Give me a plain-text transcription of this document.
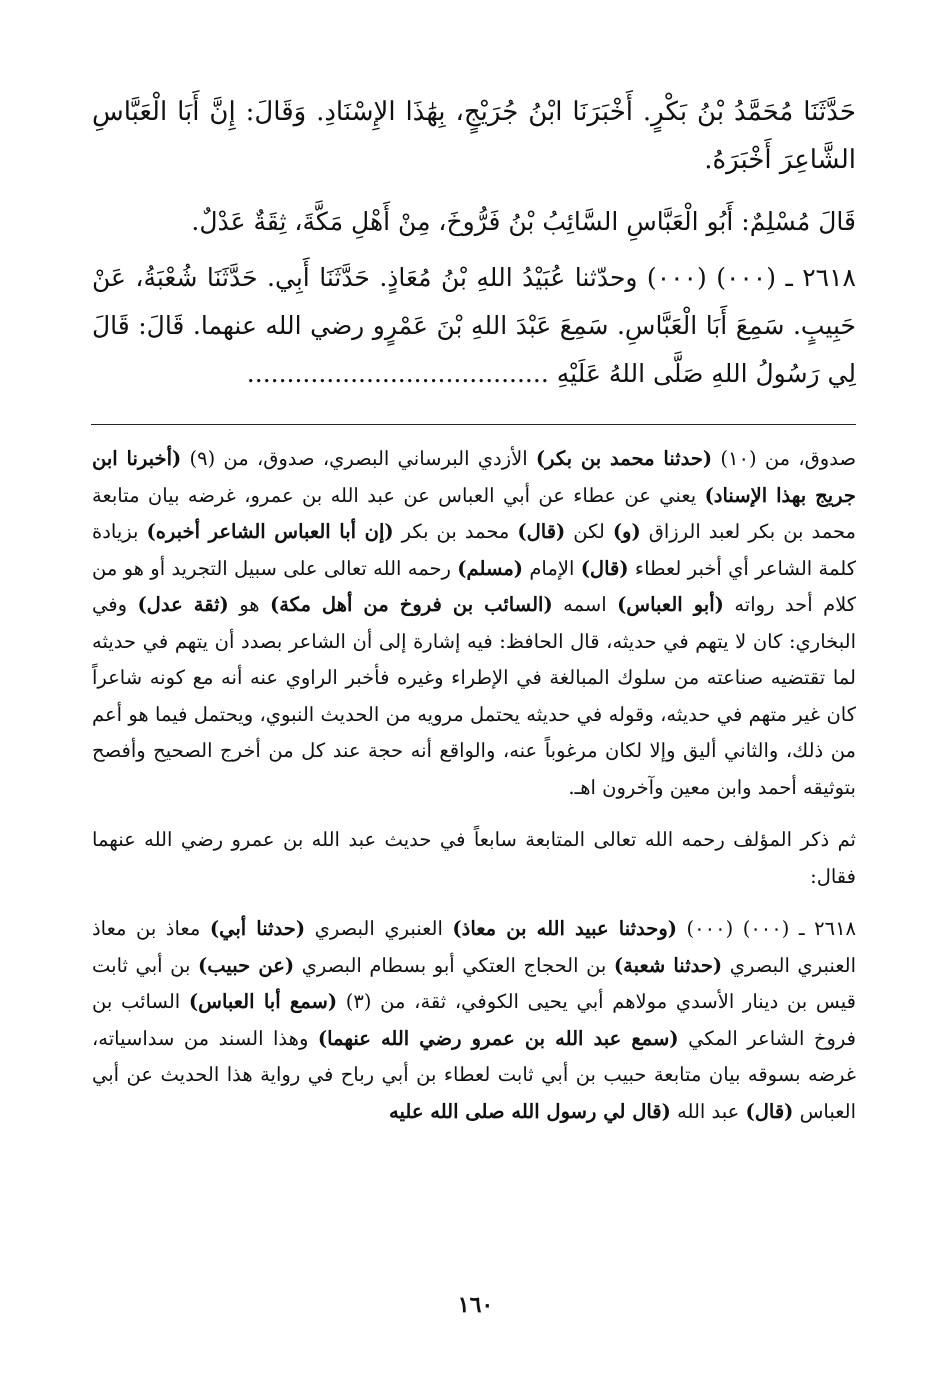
حَدَّثَنَا مُحَمَّدُ بْنُ بَكْرٍ. أَخْبَرَنَا ابْنُ جُرَيْجٍ، بِهَٰذَا الإِسْنَادِ. وَقَالَ: إِنَّ أَبَا الْعَبَّاسِ الشَّاعِرَ أَخْبَرَهُ.

قَالَ مُسْلِمٌ: أَبُو الْعَبَّاسِ السَّائِبُ بْنُ فَرُّوخَ، مِنْ أَهْلِ مَكَّةَ، ثِقَةٌ عَدْلٌ.

٢٦١٨ ـ (٠٠٠) (٠٠٠) وحدّثنا عُبَيْدُ اللهِ بْنُ مُعَاذٍ. حَدَّثَنَا أَبِي. حَدَّثَنَا شُعْبَةُ، عَنْ حَبِيبٍ. سَمِعَ أَبَا الْعَبَّاسِ. سَمِعَ عَبْدَ اللهِ بْنَ عَمْرٍو رضي الله عنهما. قَالَ: قَالَ لِي رَسُولُ اللهِ صَلَّى اللهُ عَلَيْهِ ......................................

صدوق، من (١٠) (حدثنا محمد بن بكر) الأزدي البرساني البصري، صدوق، من (٩) (أخبرنا ابن جريج بهذا الإسناد) يعني عن عطاء عن أبي العباس عن عبد الله بن عمرو، غرضه بيان متابعة محمد بن بكر لعبد الرزاق (و) لكن (قال) محمد بن بكر (إن أبا العباس الشاعر أخبره) بزيادة كلمة الشاعر أي أخبر لعطاء (قال) الإمام (مسلم) رحمه الله تعالى على سبيل التجريد أو هو من كلام أحد رواته (أبو العباس) اسمه (السائب بن فروخ من أهل مكة) هو (ثقة عدل) وفي البخاري: كان لا يتهم في حديثه، قال الحافظ: فيه إشارة إلى أن الشاعر بصدد أن يتهم في حديثه لما تقتضيه صناعته من سلوك المبالغة في الإطراء وغيره فأخبر الراوي عنه أنه مع كونه شاعراً كان غير متهم في حديثه، وقوله في حديثه يحتمل مرويه من الحديث النبوي، ويحتمل فيما هو أعم من ذلك، والثاني أليق وإلا لكان مرغوباً عنه، والواقع أنه حجة عند كل من أخرج الصحيح وأفصح بتوثيقه أحمد وابن معين وآخرون اهـ.

ثم ذكر المؤلف رحمه الله تعالى المتابعة سابعاً في حديث عبد الله بن عمرو رضي الله عنهما فقال:

٢٦١٨ ـ (٠٠٠) (٠٠٠) (وحدثنا عبيد الله بن معاذ) العنبري البصري (حدثنا أبي) معاذ بن معاذ العنبري البصري (حدثنا شعبة) بن الحجاج العتكي أبو بسطام البصري (عن حبيب) بن أبي ثابت قيس بن دينار الأسدي مولاهم أبي يحيى الكوفي، ثقة، من (٣) (سمع أبا العباس) السائب بن فروخ الشاعر المكي (سمع عبد الله بن عمرو رضي الله عنهما) وهذا السند من سداسياته، غرضه بسوقه بيان متابعة حبيب بن أبي ثابت لعطاء بن أبي رباح في رواية هذا الحديث عن أبي العباس (قال) عبد الله (قال لي رسول الله صلى الله عليه

١٦٠
